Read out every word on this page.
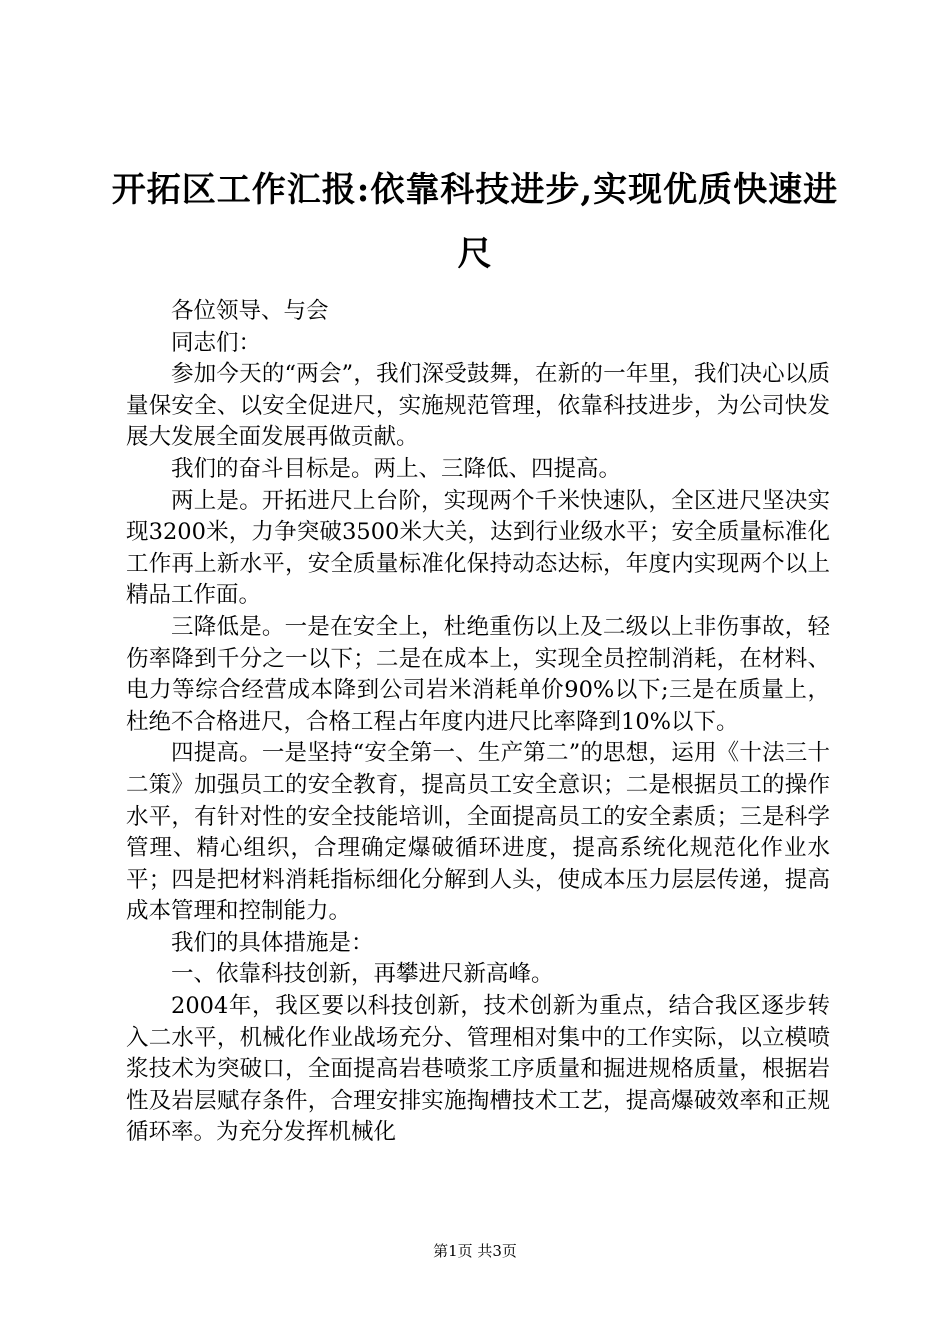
开拓区工作汇报:依靠科技进步,实现优质快速进尺

各位领导、与会

同志们：

参加今天的“两会”，我们深受鼓舞，在新的一年里，我们决心以质量保安全、以安全促进尺，实施规范管理，依靠科技进步，为公司快发展大发展全面发展再做贡献。

我们的奋斗目标是。两上、三降低、四提高。

两上是。开拓进尺上台阶，实现两个千米快速队，全区进尺坚决实现3200米，力争突破3500米大关，达到行业级水平；安全质量标准化工作再上新水平，安全质量标准化保持动态达标，年度内实现两个以上精品工作面。

三降低是。一是在安全上，杜绝重伤以上及二级以上非伤事故，轻伤率降到千分之一以下；二是在成本上，实现全员控制消耗，在材料、电力等综合经营成本降到公司岩米消耗单价90%以下;三是在质量上，杜绝不合格进尺，合格工程占年度内进尺比率降到10%以下。

四提高。一是坚持“安全第一、生产第二”的思想，运用《十法三十二策》加强员工的安全教育，提高员工安全意识；二是根据员工的操作水平，有针对性的安全技能培训，全面提高员工的安全素质；三是科学管理、精心组织，合理确定爆破循环进度，提高系统化规范化作业水平；四是把材料消耗指标细化分解到人头，使成本压力层层传递，提高成本管理和控制能力。

我们的具体措施是：

一、依靠科技创新，再攀进尺新高峰。

2004年，我区要以科技创新，技术创新为重点，结合我区逐步转入二水平，机械化作业战场充分、管理相对集中的工作实际，以立模喷浆技术为突破口，全面提高岩巷喷浆工序质量和掘进规格质量，根据岩性及岩层赋存条件，合理安排实施掏槽技术工艺，提高爆破效率和正规循环率。为充分发挥机械化

第1页 共3页
